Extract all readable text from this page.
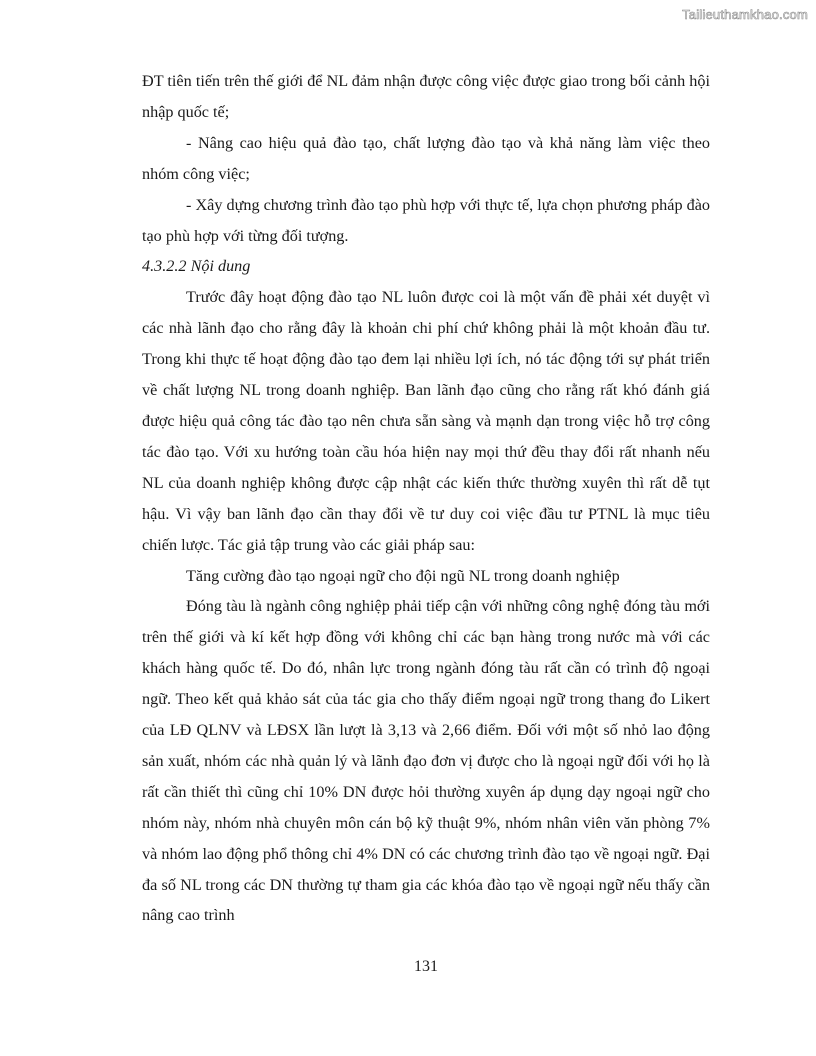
Tailieuthamkhao.com

ĐT tiên tiến trên thế giới để NL đảm nhận được công việc được giao trong bối cảnh hội nhập quốc tế;

- Nâng cao hiệu quả đào tạo, chất lượng đào tạo và khả năng làm việc theo nhóm công việc;

- Xây dựng chương trình đào tạo phù hợp với thực tế, lựa chọn phương pháp đào tạo phù hợp với từng đối tượng.

4.3.2.2 Nội dung

Trước đây hoạt động đào tạo NL luôn được coi là một vấn đề phải xét duyệt vì các nhà lãnh đạo cho rằng đây là khoản chi phí chứ không phải là một khoản đầu tư. Trong khi thực tế hoạt động đào tạo đem lại nhiều lợi ích, nó tác động tới sự phát triển về chất lượng NL trong doanh nghiệp. Ban lãnh đạo cũng cho rằng rất khó đánh giá được hiệu quả công tác đào tạo nên chưa sẵn sàng và mạnh dạn trong việc hỗ trợ công tác đào tạo. Với xu hướng toàn cầu hóa hiện nay mọi thứ đều thay đổi rất nhanh nếu NL của doanh nghiệp không được cập nhật các kiến thức thường xuyên thì rất dễ tụt hậu. Vì vậy ban lãnh đạo cần thay đổi về tư duy coi việc đầu tư PTNL là mục tiêu chiến lược. Tác giả tập trung vào các giải pháp sau:

Tăng cường đào tạo ngoại ngữ cho đội ngũ NL trong doanh nghiệp

Đóng tàu là ngành công nghiệp phải tiếp cận với những công nghệ đóng tàu mới trên thế giới và kí kết hợp đồng với không chỉ các bạn hàng trong nước mà với các khách hàng quốc tế. Do đó, nhân lực trong ngành đóng tàu rất cần có trình độ ngoại ngữ. Theo kết quả khảo sát của tác gia cho thấy điểm ngoại ngữ trong thang đo Likert của LĐ QLNV và LĐSX lần lượt là 3,13 và 2,66 điểm. Đối với một số nhỏ lao động sản xuất, nhóm các nhà quản lý và lãnh đạo đơn vị được cho là ngoại ngữ đối với họ là rất cần thiết thì cũng chỉ 10% DN được hỏi thường xuyên áp dụng dạy ngoại ngữ cho nhóm này, nhóm nhà chuyên môn cán bộ kỹ thuật 9%, nhóm nhân viên văn phòng 7% và nhóm lao động phổ thông chỉ 4% DN có các chương trình đào tạo về ngoại ngữ. Đại đa số NL trong các DN thường tự tham gia các khóa đào tạo về ngoại ngữ nếu thấy cần nâng cao trình

131
